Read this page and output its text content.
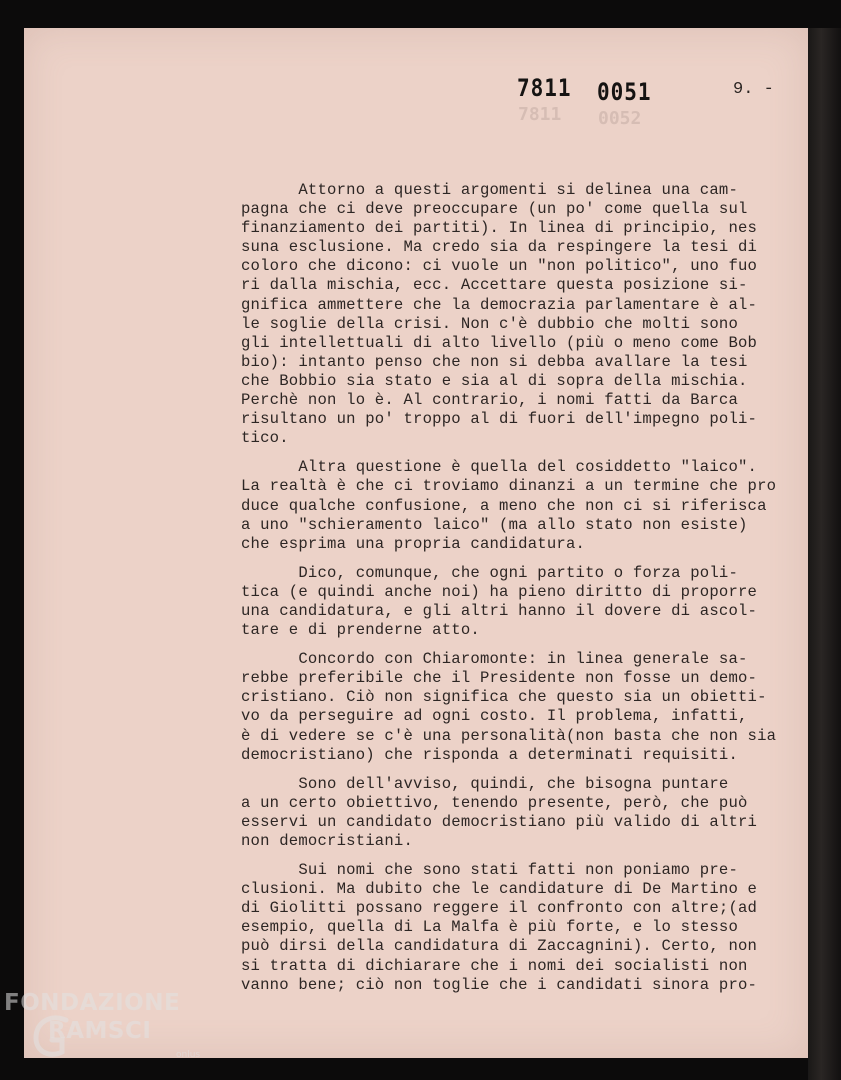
7811 0051
7811 0052
9. -
Attorno a questi argomenti si delinea una cam-
pagna che ci deve preoccupare (un po' come quella sul
finanziamento dei partiti). In linea di principio, nes
suna esclusione. Ma credo sia da respingere la tesi di
coloro che dicono: ci vuole un "non politico", uno fuo
ri dalla mischia, ecc. Accettare questa posizione si-
gnifica ammettere che la democrazia parlamentare è al-
le soglie della crisi. Non c'è dubbio che molti sono
gli intellettuali di alto livello (più o meno come Bob
bio): intanto penso che non si debba avallare la tesi
che Bobbio sia stato e sia al di sopra della mischia.
Perchè non lo è. Al contrario, i nomi fatti da Barca
risultano un po' troppo al di fuori dell'impegno poli-
tico.
Altra questione è quella del cosiddetto "laico".
La realtà è che ci troviamo dinanzi a un termine che pro
duce qualche confusione, a meno che non ci si riferisca
a uno "schieramento laico" (ma allo stato non esiste)
che esprima una propria candidatura.
Dico, comunque, che ogni partito o forza poli-
tica (e quindi anche noi) ha pieno diritto di proporre
una candidatura, e gli altri hanno il dovere di ascol-
tare e di prenderne atto.
Concordo con Chiaromonte: in linea generale sa-
rebbe preferibile che il Presidente non fosse un demo-
cristiano. Ciò non significa che questo sia un obietti-
vo da perseguire ad ogni costo. Il problema, infatti,
è di vedere se c'è una personalità(non basta che non sia
democristiano) che risponda a determinati requisiti.
Sono dell'avviso, quindi, che bisogna puntare
a un certo obiettivo, tenendo presente, però, che può
esservi un candidato democristiano più valido di altri
non democristiani.
Sui nomi che sono stati fatti non poniamo pre-
clusioni. Ma dubito che le candidature di De Martino e
di Giolitti possano reggere il confronto con altre;(ad
esempio, quella di La Malfa è più forte, e lo stesso
può dirsi della candidatura di Zaccagnini). Certo, non
si tratta di dichiarare che i nomi dei socialisti non
vanno bene; ciò non toglie che i candidati sinora pro-
FONDAZIONE
RAMSCI
onlus
